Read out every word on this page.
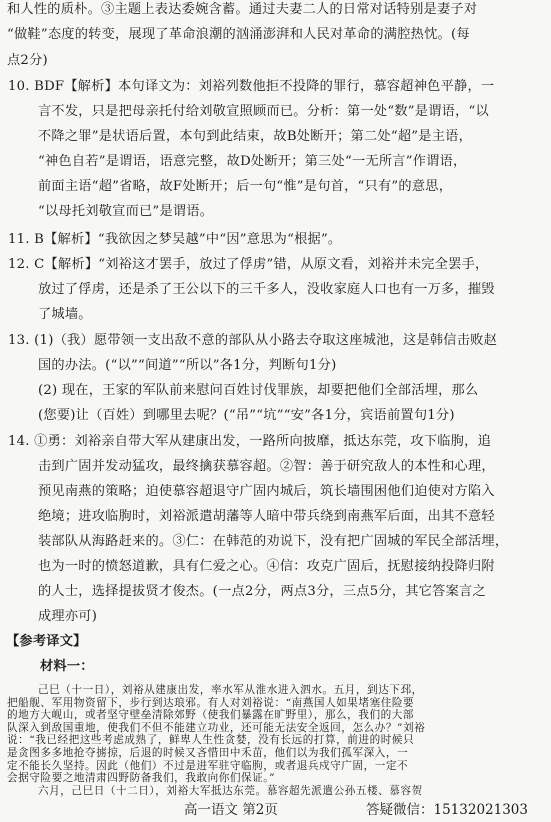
和人性的质朴。③主题上表达委婉含蓄。通过夫妻二人的日常对话特别是妻子对
“做鞋”态度的转变，展现了革命浪潮的汹涌澎湃和人民对革命的满腔热忱。(每
点2分)
10. BDF【解析】本句译文为：刘裕列数他拒不投降的罪行，慕容超神色平静，一
言不发，只是把母亲托付给刘敬宣照顾而已。分析：第一处“数”是谓语，“以
不降之罪”是状语后置，本句到此结束，故B处断开；第二处“超”是主语，
“神色自若”是谓语，语意完整，故D处断开；第三处“一无所言”作谓语，
前面主语“超”省略，故F处断开；后一句“惟”是句首，“只有”的意思，
“以母托刘敬宣而已”是谓语。
11. B【解析】“我欲因之梦吴越”中“因”意思为“根据”。
12. C【解析】“刘裕这才罢手，放过了俘虏”错，从原文看，刘裕并未完全罢手，
放过了俘虏，还是杀了王公以下的三千多人，没收家庭人口也有一万多，摧毁
了城墙。
13. (1)（我）愿带领一支出敌不意的部队从小路去夺取这座城池，这是韩信击败赵
国的办法。(“以”“间道”“所以”各1分，判断句1分)
(2) 现在，王家的军队前来慰问百姓讨伐罪族，却要把他们全部活埋，那么
(您要)让（百姓）到哪里去呢？(“吊”“坑”“安”各1分，宾语前置句1分)
14. ①勇：刘裕亲自带大军从建康出发，一路所向披靡，抵达东莞，攻下临朐，追
击到广固并发动猛攻，最终擒获慕容超。②智：善于研究敌人的本性和心理，
预见南燕的策略；迫使慕容超退守广固内城后，筑长墙围困他们迫使对方陷入
绝境；进攻临朐时，刘裕派遣胡藩等人暗中带兵绕到南燕军后面，出其不意轻
装部队从海路赶来的。③仁：在韩范的劝说下，没有把广固城的军民全部活埋，
也为一时的愤怒道歉，具有仁爱之心。④信：攻克广固后，抚慰接纳投降归附
的人士，选择提拔贤才俊杰。(一点2分，两点3分，三点5分，其它答案言之
成理亦可)
【参考译文】
材料一：
己巳（十一日），刘裕从建康出发，率水军从淮水进入泗水。五月，到达下邳，
把船舰、军用物资留下，步行到达琅邪。有人对刘裕说：“南燕国人如果堵塞住险要
的地方大岘山，或者坚守壁垒清除郊野（使我们暴露在旷野里），那么，我们的大部
队深入到敌国重地，使我们不但不能建立功业，还可能无法安全返回，怎么办？”刘裕
说：“我已经把这些考虑成熟了，鲜卑人生性贪婪，没有长远的打算，前进的时候只
是贪图多多地抢夺掳掠，后退的时候又吝惜田中禾苗，他们以为我们孤军深入，一
定不能长久坚持。因此（他们）不过是进军驻守临朐，或者退兵戍守广固，一定不
会据守险要之地清肃四野防备我们，我敢向你们保证。”
六月，己巳日（十二日），刘裕大军抵达东莞。慕容超先派遣公孙五楼、慕容贺
高一语文 第2页	答疑微信：15132021303
